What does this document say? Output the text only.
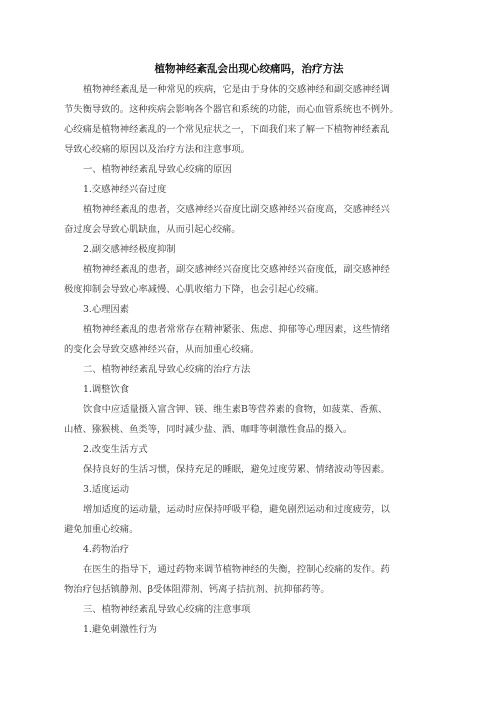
植物神经紊乱会出现心绞痛吗，治疗方法
植物神经紊乱是一种常见的疾病，它是由于身体的交感神经和副交感神经调
节失衡导致的。这种疾病会影响各个器官和系统的功能，而心血管系统也不例外。
心绞痛是植物神经紊乱的一个常见症状之一，下面我们来了解一下植物神经紊乱
导致心绞痛的原因以及治疗方法和注意事项。
一、植物神经紊乱导致心绞痛的原因
1.交感神经兴奋过度
植物神经紊乱的患者，交感神经兴奋度比副交感神经兴奋度高，交感神经兴
奋过度会导致心肌缺血，从而引起心绞痛。
2.副交感神经极度抑制
植物神经紊乱的患者，副交感神经兴奋度比交感神经兴奋度低，副交感神经
极度抑制会导致心率减慢、心肌收缩力下降，也会引起心绞痛。
3.心理因素
植物神经紊乱的患者常常存在精神紧张、焦虑、抑郁等心理因素，这些情绪
的变化会导致交感神经兴奋，从而加重心绞痛。
二、植物神经紊乱导致心绞痛的治疗方法
1.调整饮食
饮食中应适量摄入富含钾、镁、维生素B等营养素的食物，如菠菜、香蕉、
山楂、猕猴桃、鱼类等，同时减少盐、酒、咖啡等刺激性食品的摄入。
2.改变生活方式
保持良好的生活习惯，保持充足的睡眠，避免过度劳累、情绪波动等因素。
3.适度运动
增加适度的运动量，运动时应保持呼吸平稳，避免剧烈运动和过度疲劳，以
避免加重心绞痛。
4.药物治疗
在医生的指导下，通过药物来调节植物神经的失衡，控制心绞痛的发作。药
物治疗包括镇静剂、β受体阻滞剂、钙离子拮抗剂、抗抑郁药等。
三、植物神经紊乱导致心绞痛的注意事项
1.避免刺激性行为
